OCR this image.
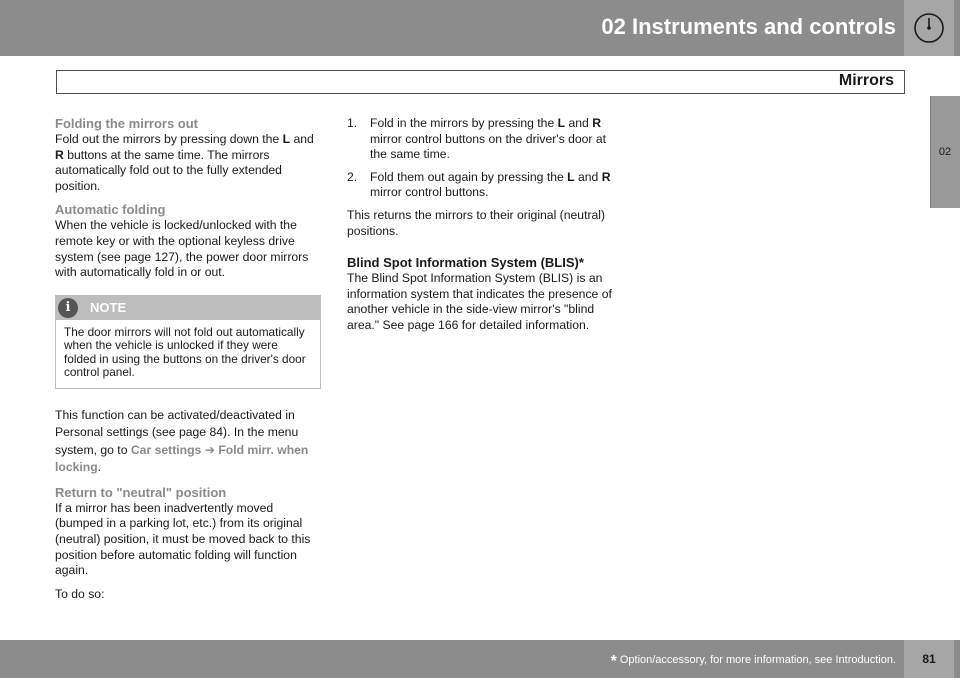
02 Instruments and controls
Mirrors
02
Folding the mirrors out

Fold out the mirrors by pressing down the L and R buttons at the same time. The mirrors automatically fold out to the fully extended position.

Automatic folding

When the vehicle is locked/unlocked with the remote key or with the optional keyless drive system (see page 127), the power door mirrors with automatically fold in or out.

i	NOTE
The door mirrors will not fold out automatically when the vehicle is unlocked if they were folded in using the buttons on the driver's door control panel.

This function can be activated/deactivated in Personal settings (see page 84). In the menu system, go to Car settings ➔ Fold mirr. when locking.

Return to "neutral" position

If a mirror has been inadvertently moved (bumped in a parking lot, etc.) from its original (neutral) position, it must be moved back to this position before automatic folding will function again.

To do so:

1. Fold in the mirrors by pressing the L and R mirror control buttons on the driver's door at the same time.
2. Fold them out again by pressing the L and R mirror control buttons.

This returns the mirrors to their original (neutral) positions.

Blind Spot Information System (BLIS)*

The Blind Spot Information System (BLIS) is an information system that indicates the presence of another vehicle in the side-view mirror's "blind area." See page 166 for detailed information.

* Option/accessory, for more information, see Introduction.	81
